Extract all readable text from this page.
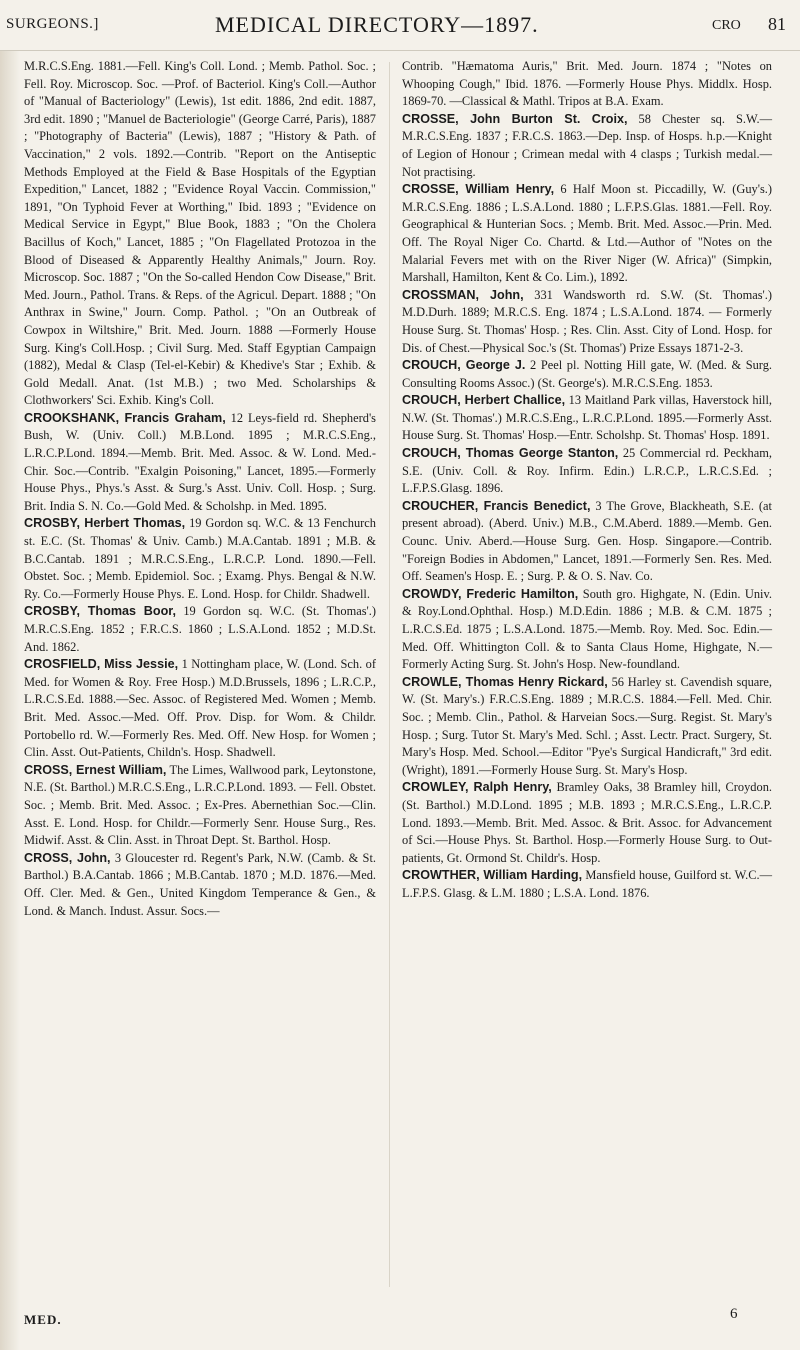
SURGEONS.]	MEDICAL DIRECTORY—1897.	CRO 81

M.R.C.S.Eng. 1881.—Fell. King's Coll. Lond. ; Memb. Pathol. Soc. ; Fell. Roy. Microscop. Soc. —Prof. of Bacteriol. King's Coll.—Author of "Manual of Bacteriology" (Lewis), 1st edit. 1886, 2nd edit. 1887, 3rd edit. 1890 ; "Manuel de Bacteriologie" (George Carré, Paris), 1887 ; "Photography of Bacteria" (Lewis), 1887 ; "History & Path. of Vaccination," 2 vols. 1892.—Contrib. "Report on the Antiseptic Methods Employed at the Field & Base Hospitals of the Egyptian Expedition," Lancet, 1882 ; "Evidence Royal Vaccin. Commission," 1891, "On Typhoid Fever at Worthing," Ibid. 1893 ; "Evidence on Medical Service in Egypt," Blue Book, 1883 ; "On the Cholera Bacillus of Koch," Lancet, 1885 ; "On Flagellated Protozoa in the Blood of Diseased & Apparently Healthy Animals," Journ. Roy. Microscop. Soc. 1887 ; "On the So-called Hendon Cow Disease," Brit. Med. Journ., Pathol. Trans. & Reps. of the Agricul. Depart. 1888 ; "On Anthrax in Swine," Journ. Comp. Pathol. ; "On an Outbreak of Cowpox in Wiltshire," Brit. Med. Journ. 1888 —Formerly House Surg. King's Coll.Hosp. ; Civil Surg. Med. Staff Egyptian Campaign (1882), Medal & Clasp (Tel-el-Kebir) & Khedive's Star ; Exhib. & Gold Medall. Anat. (1st M.B.) ; two Med. Scholarships & Clothworkers' Sci. Exhib. King's Coll.

CROOKSHANK, Francis Graham, 12 Leys-field rd. Shepherd's Bush, W. (Univ. Coll.) M.B.Lond. 1895 ; M.R.C.S.Eng., L.R.C.P.Lond. 1894.—Memb. Brit. Med. Assoc. & W. Lond. Med.-Chir. Soc.—Contrib. "Exalgin Poisoning," Lancet, 1895.—Formerly House Phys., Phys.'s Asst. & Surg.'s Asst. Univ. Coll. Hosp. ; Surg. Brit. India S. N. Co.—Gold Med. & Scholshp. in Med. 1895.

CROSBY, Herbert Thomas, 19 Gordon sq. W.C. & 13 Fenchurch st. E.C. (St. Thomas' & Univ. Camb.) M.A.Cantab. 1891 ; M.B. & B.C.Cantab. 1891 ; M.R.C.S.Eng., L.R.C.P. Lond. 1890.—Fell. Obstet. Soc. ; Memb. Epidemiol. Soc. ; Examg. Phys. Bengal & N.W. Ry. Co.—Formerly House Phys. E. Lond. Hosp. for Childr. Shadwell.

CROSBY, Thomas Boor, 19 Gordon sq. W.C. (St. Thomas'.) M.R.C.S.Eng. 1852 ; F.R.C.S. 1860 ; L.S.A.Lond. 1852 ; M.D.St. And. 1862.

CROSFIELD, Miss Jessie, 1 Nottingham place, W. (Lond. Sch. of Med. for Women & Roy. Free Hosp.) M.D.Brussels, 1896 ; L.R.C.P., L.R.C.S.Ed. 1888.—Sec. Assoc. of Registered Med. Women ; Memb. Brit. Med. Assoc.—Med. Off. Prov. Disp. for Wom. & Childr. Portobello rd. W.—Formerly Res. Med. Off. New Hosp. for Women ; Clin. Asst. Out-Patients, Childn's. Hosp. Shadwell.

CROSS, Ernest William, The Limes, Wallwood park, Leytonstone, N.E. (St. Barthol.) M.R.C.S.Eng., L.R.C.P.Lond. 1893. — Fell. Obstet. Soc. ; Memb. Brit. Med. Assoc. ; Ex-Pres. Abernethian Soc.—Clin. Asst. E. Lond. Hosp. for Childr.—Formerly Senr. House Surg., Res. Midwif. Asst. & Clin. Asst. in Throat Dept. St. Barthol. Hosp.

CROSS, John, 3 Gloucester rd. Regent's Park, N.W. (Camb. & St. Barthol.) B.A.Cantab. 1866 ; M.B.Cantab. 1870 ; M.D. 1876.—Med. Off. Cler. Med. & Gen., United Kingdom Temperance & Gen., & Lond. & Manch. Indust. Assur. Socs.—

Contrib. "Hæmatoma Auris," Brit. Med. Journ. 1874 ; "Notes on Whooping Cough," Ibid. 1876. —Formerly House Phys. Middlx. Hosp. 1869-70. —Classical & Mathl. Tripos at B.A. Exam.

CROSSE, John Burton St. Croix, 58 Chester sq. S.W.—M.R.C.S.Eng. 1837 ; F.R.C.S. 1863.—Dep. Insp. of Hosps. h.p.—Knight of Legion of Honour ; Crimean medal with 4 clasps ; Turkish medal.—Not practising.

CROSSE, William Henry, 6 Half Moon st. Piccadilly, W. (Guy's.) M.R.C.S.Eng. 1886 ; L.S.A.Lond. 1880 ; L.F.P.S.Glas. 1881.—Fell. Roy. Geographical & Hunterian Socs. ; Memb. Brit. Med. Assoc.—Prin. Med. Off. The Royal Niger Co. Chartd. & Ltd.—Author of "Notes on the Malarial Fevers met with on the River Niger (W. Africa)" (Simpkin, Marshall, Hamilton, Kent & Co. Lim.), 1892.

CROSSMAN, John, 331 Wandsworth rd. S.W. (St. Thomas'.) M.D.Durh. 1889; M.R.C.S. Eng. 1874 ; L.S.A.Lond. 1874. — Formerly House Surg. St. Thomas' Hosp. ; Res. Clin. Asst. City of Lond. Hosp. for Dis. of Chest.—Physical Soc.'s (St. Thomas') Prize Essays 1871-2-3.

CROUCH, George J. 2 Peel pl. Notting Hill gate, W. (Med. & Surg. Consulting Rooms Assoc.) (St. George's). M.R.C.S.Eng. 1853.

CROUCH, Herbert Challice, 13 Maitland Park villas, Haverstock hill, N.W. (St. Thomas'.) M.R.C.S.Eng., L.R.C.P.Lond. 1895.—Formerly Asst. House Surg. St. Thomas' Hosp.—Entr. Scholshp. St. Thomas' Hosp. 1891.

CROUCH, Thomas George Stanton, 25 Commercial rd. Peckham, S.E. (Univ. Coll. & Roy. Infirm. Edin.) L.R.C.P., L.R.C.S.Ed. ; L.F.P.S.Glasg. 1896.

CROUCHER, Francis Benedict, 3 The Grove, Blackheath, S.E. (at present abroad). (Aberd. Univ.) M.B., C.M.Aberd. 1889.—Memb. Gen. Counc. Univ. Aberd.—House Surg. Gen. Hosp. Singapore.—Contrib. "Foreign Bodies in Abdomen," Lancet, 1891.—Formerly Sen. Res. Med. Off. Seamen's Hosp. E. ; Surg. P. & O. S. Nav. Co.

CROWDY, Frederic Hamilton, South gro. Highgate, N. (Edin. Univ. & Roy.Lond.Ophthal. Hosp.) M.D.Edin. 1886 ; M.B. & C.M. 1875 ; L.R.C.S.Ed. 1875 ; L.S.A.Lond. 1875.—Memb. Roy. Med. Soc. Edin.—Med. Off. Whittington Coll. & to Santa Claus Home, Highgate, N.—Formerly Acting Surg. St. John's Hosp. New-foundland.

CROWLE, Thomas Henry Rickard, 56 Harley st. Cavendish square, W. (St. Mary's.) F.R.C.S.Eng. 1889 ; M.R.C.S. 1884.—Fell. Med. Chir. Soc. ; Memb. Clin., Pathol. & Harveian Socs.—Surg. Regist. St. Mary's Hosp. ; Surg. Tutor St. Mary's Med. Schl. ; Asst. Lectr. Pract. Surgery, St. Mary's Hosp. Med. School.—Editor "Pye's Surgical Handicraft," 3rd edit. (Wright), 1891.—Formerly House Surg. St. Mary's Hosp.

CROWLEY, Ralph Henry, Bramley Oaks, 38 Bramley hill, Croydon. (St. Barthol.) M.D.Lond. 1895 ; M.B. 1893 ; M.R.C.S.Eng., L.R.C.P. Lond. 1893.—Memb. Brit. Med. Assoc. & Brit. Assoc. for Advancement of Sci.—House Phys. St. Barthol. Hosp.—Formerly House Surg. to Out-patients, Gt. Ormond St. Childr's. Hosp.

CROWTHER, William Harding, Mansfield house, Guilford st. W.C.—L.F.P.S. Glasg. & L.M. 1880 ; L.S.A. Lond. 1876.

MED.	6
